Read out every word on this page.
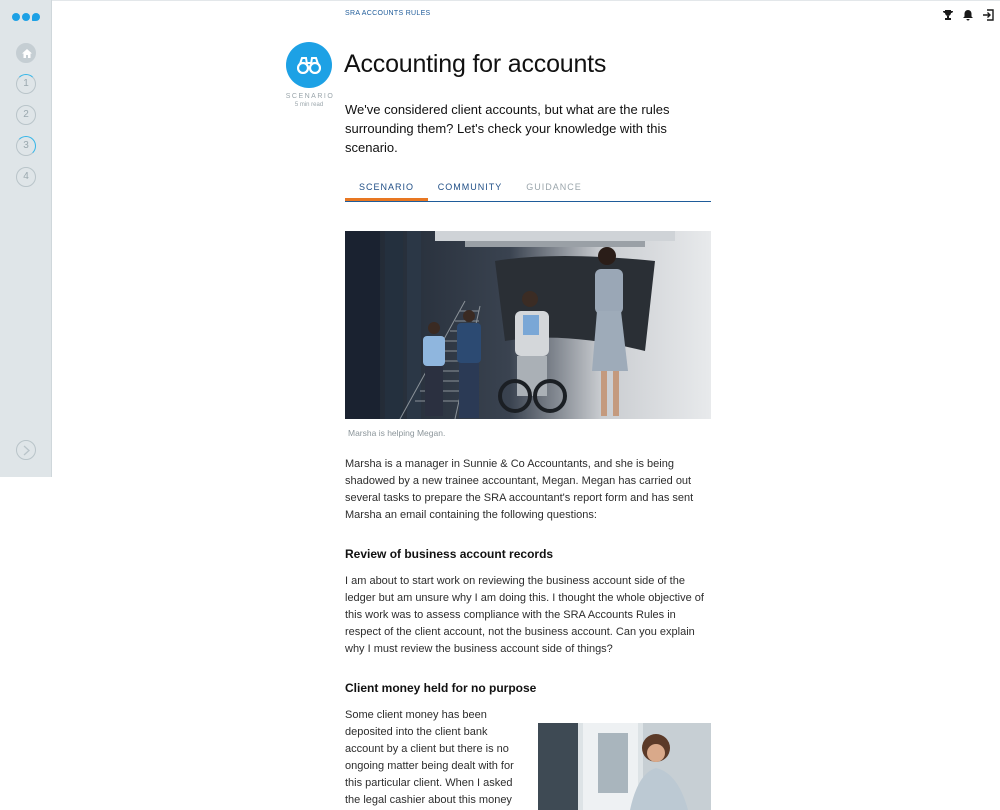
1
2
3
4
SRA ACCOUNTS RULES
SCENARIO
5 min read
Accounting for accounts

We've considered client accounts, but what are the rules surrounding them? Let's check your knowledge with this scenario.

SCENARIO	COMMUNITY	GUIDANCE
Marsha is helping Megan.

Marsha is a manager in Sunnie & Co Accountants, and she is being shadowed by a new trainee accountant, Megan. Megan has carried out several tasks to prepare the SRA accountant's report form and has sent Marsha an email containing the following questions:

Review of business account records

I am about to start work on reviewing the business account side of the ledger but am unsure why I am doing this. I thought the whole objective of this work was to assess compliance with the SRA Accounts Rules in respect of the client account, not the business account. Can you explain why I must review the business account side of things?

Client money held for no purpose

Some client money has been deposited into the client bank account by a client but there is no ongoing matter being dealt with for this particular client. When I asked the legal cashier about this money
